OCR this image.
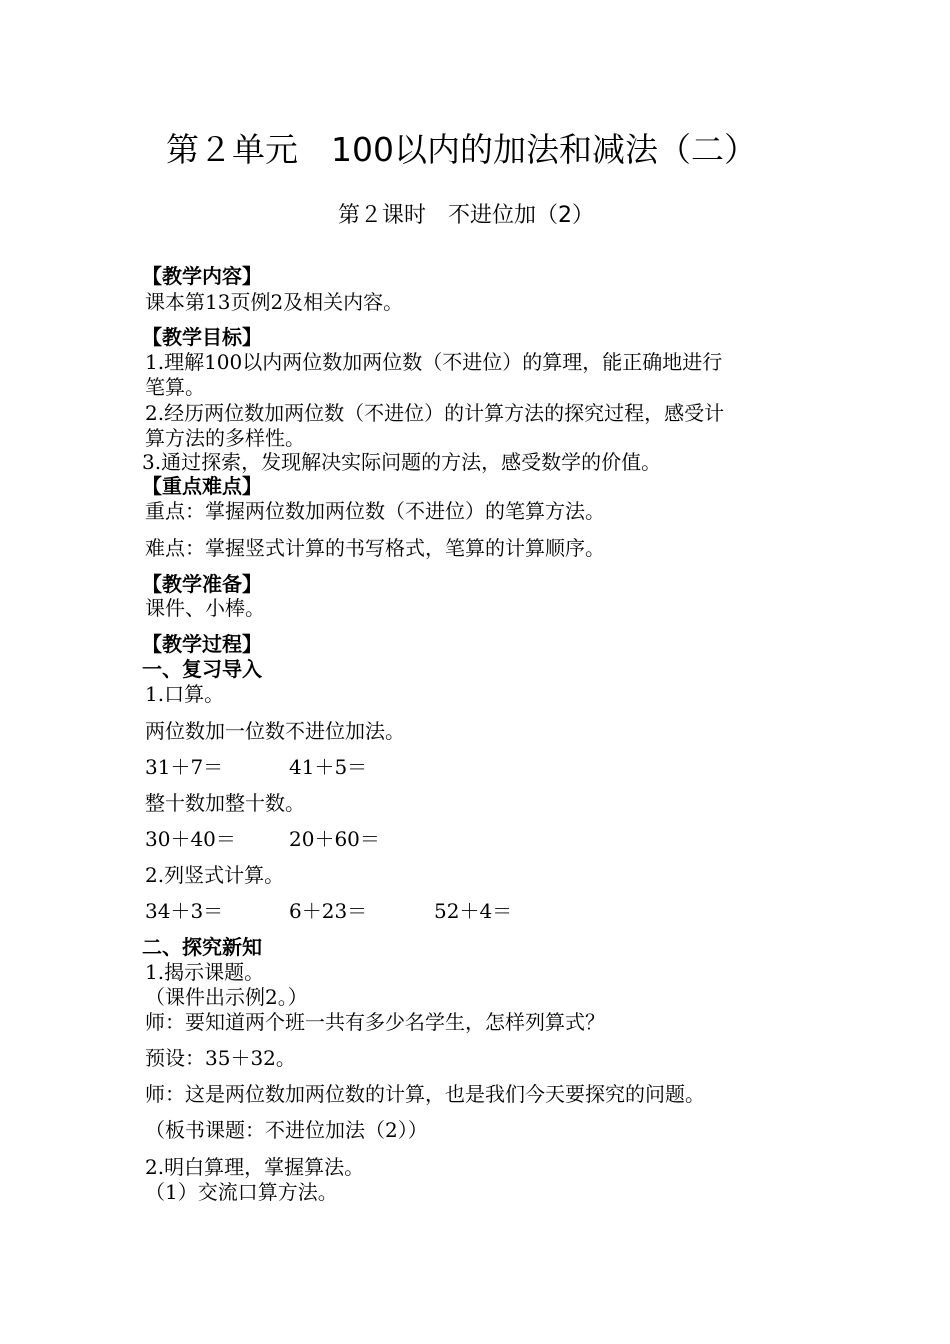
第２单元　100以内的加法和减法（二）
第２课时　不进位加（2）
【教学内容】
课本第13页例2及相关内容。
【教学目标】
1.理解100以内两位数加两位数（不进位）的算理，能正确地进行
笔算。
2.经历两位数加两位数（不进位）的计算方法的探究过程，感受计
算方法的多样性。
3.通过探索，发现解决实际问题的方法，感受数学的价值。
【重点难点】
重点：掌握两位数加两位数（不进位）的笔算方法。
难点：掌握竖式计算的书写格式，笔算的计算顺序。
【教学准备】
课件、小棒。
【教学过程】
一、复习导入
1.口算。
两位数加一位数不进位加法。
31＋7＝	41＋5＝
整十数加整十数。
30＋40＝	20＋60＝
2.列竖式计算。
34＋3＝	6＋23＝	52＋4＝
二、探究新知
1.揭示课题。
（课件出示例2。）
师：要知道两个班一共有多少名学生，怎样列算式？
预设：35＋32。
师：这是两位数加两位数的计算，也是我们今天要探究的问题。
（板书课题：不进位加法（2））
2.明白算理，掌握算法。
（1）交流口算方法。
